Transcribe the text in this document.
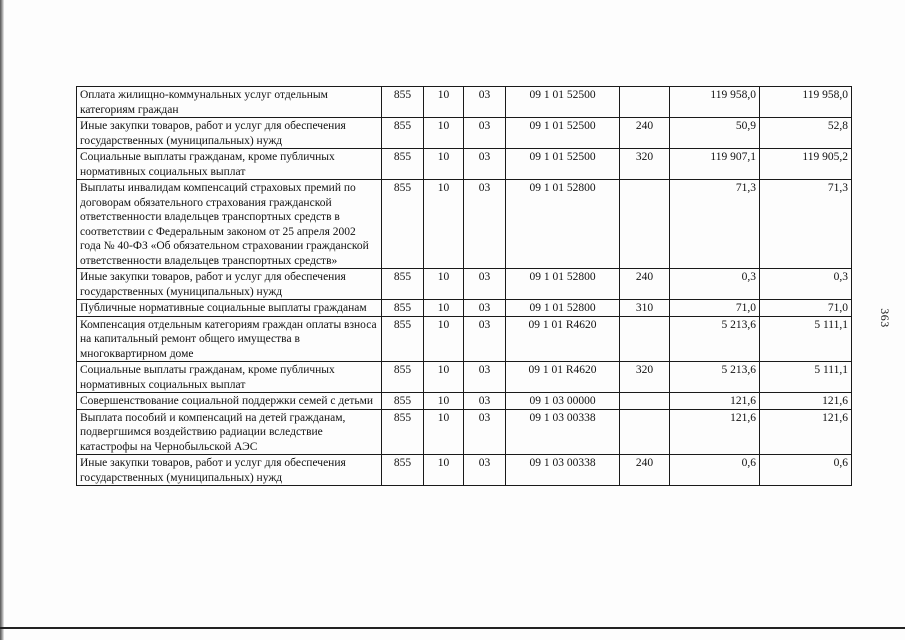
363
Оплата жилищно-коммунальных услуг отдельным категориям граждан	855	10	03	09 1 01 52500		119 958,0	119 958,0
Иные закупки товаров, работ и услуг для обеспечения государственных (муниципальных) нужд	855	10	03	09 1 01 52500	240	50,9	52,8
Социальные выплаты гражданам, кроме публичных нормативных социальных выплат	855	10	03	09 1 01 52500	320	119 907,1	119 905,2
Выплаты инвалидам компенсаций страховых премий по договорам обязательного страхования гражданской ответственности владельцев транспортных средств в соответствии с Федеральным законом от 25 апреля 2002 года № 40-ФЗ «Об обязательном страховании гражданской ответственности владельцев транспортных средств»	855	10	03	09 1 01 52800		71,3	71,3
Иные закупки товаров, работ и услуг для обеспечения государственных (муниципальных) нужд	855	10	03	09 1 01 52800	240	0,3	0,3
Публичные нормативные социальные выплаты гражданам	855	10	03	09 1 01 52800	310	71,0	71,0
Компенсация отдельным категориям граждан оплаты взноса на капитальный ремонт общего имущества в многоквартирном доме	855	10	03	09 1 01 R4620		5 213,6	5 111,1
Социальные выплаты гражданам, кроме публичных нормативных социальных выплат	855	10	03	09 1 01 R4620	320	5 213,6	5 111,1
Совершенствование социальной поддержки семей с детьми	855	10	03	09 1 03 00000		121,6	121,6
Выплата пособий и компенсаций на детей гражданам, подвергшимся воздействию радиации вследствие катастрофы на Чернобыльской АЭС	855	10	03	09 1 03 00338		121,6	121,6
Иные закупки товаров, работ и услуг для обеспечения государственных (муниципальных) нужд	855	10	03	09 1 03 00338	240	0,6	0,6
